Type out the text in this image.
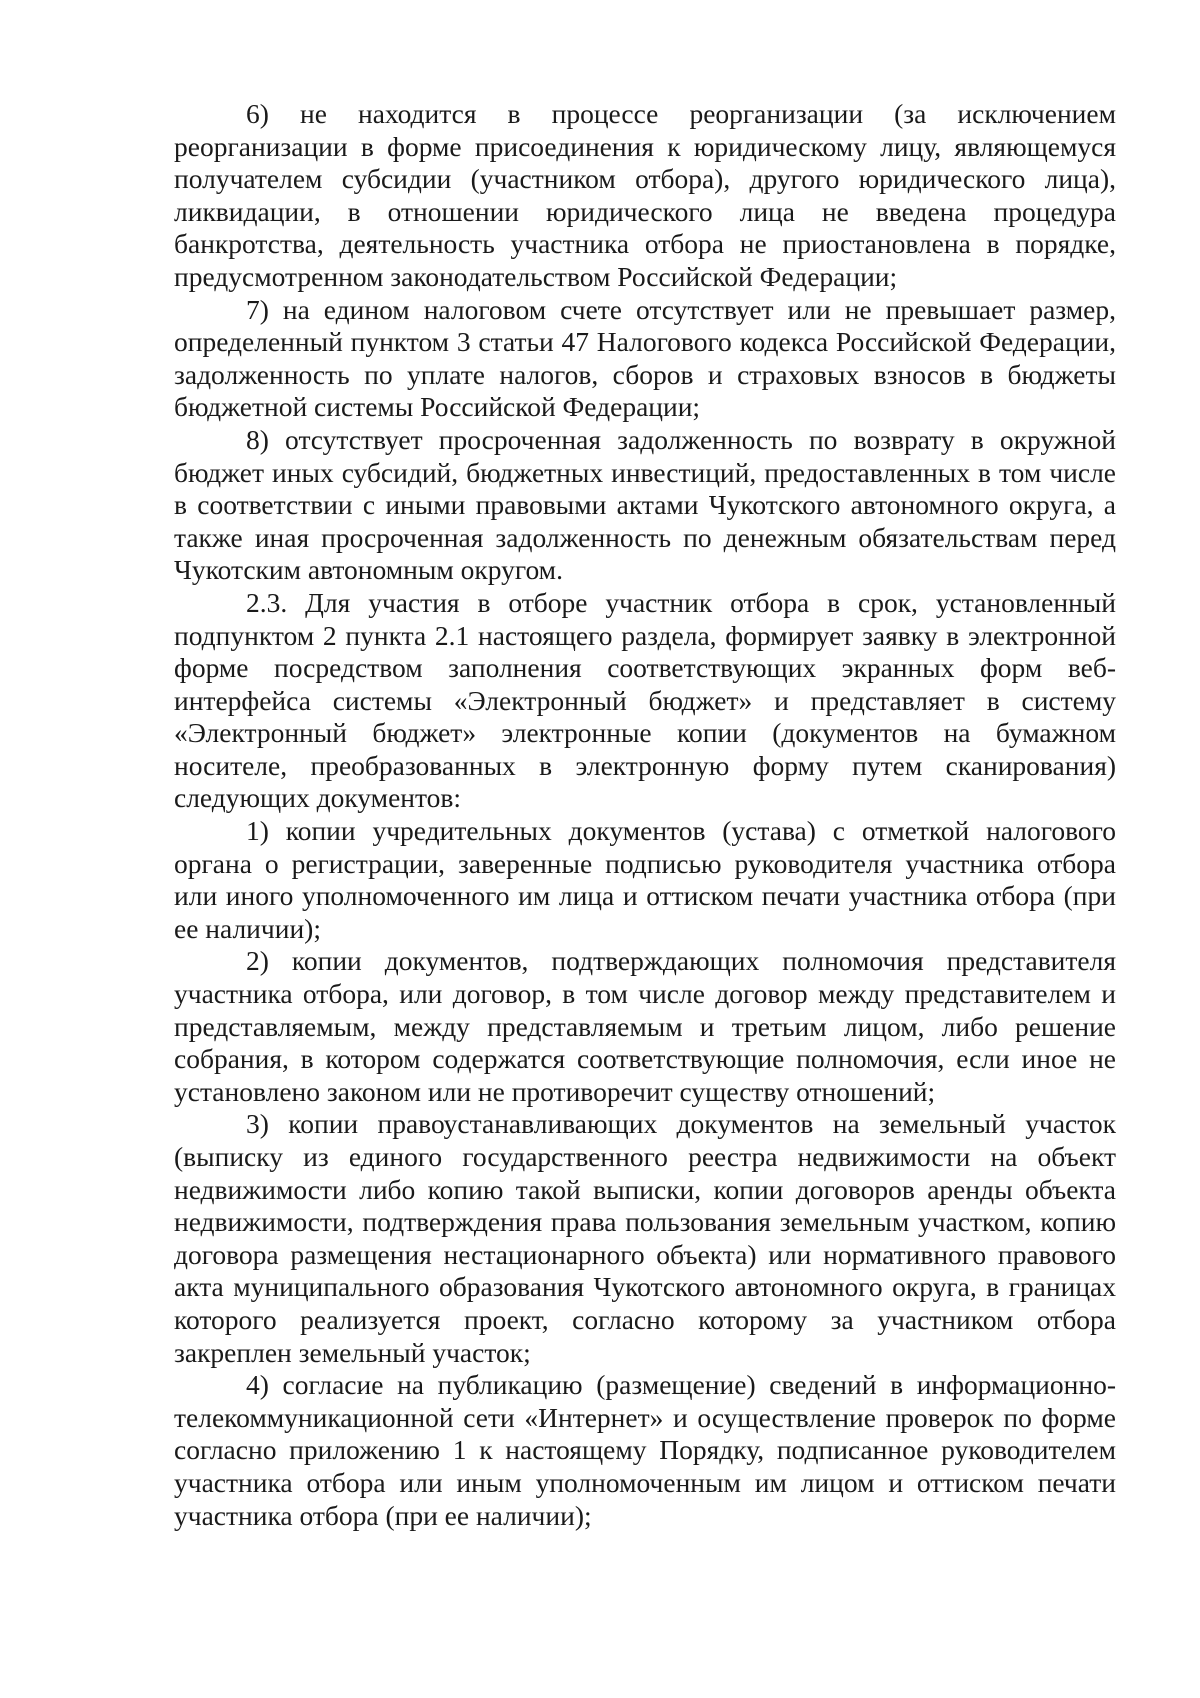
6) не находится в процессе реорганизации (за исключением реорганизации в форме присоединения к юридическому лицу, являющемуся получателем субсидии (участником отбора), другого юридического лица), ликвидации, в отношении юридического лица не введена процедура банкротства, деятельность участника отбора не приостановлена в порядке, предусмотренном законодательством Российской Федерации;

7) на едином налоговом счете отсутствует или не превышает размер, определенный пунктом 3 статьи 47 Налогового кодекса Российской Федерации, задолженность по уплате налогов, сборов и страховых взносов в бюджеты бюджетной системы Российской Федерации;

8) отсутствует просроченная задолженность по возврату в окружной бюджет иных субсидий, бюджетных инвестиций, предоставленных в том числе в соответствии с иными правовыми актами Чукотского автономного округа, а также иная просроченная задолженность по денежным обязательствам перед Чукотским автономным округом.

2.3. Для участия в отборе участник отбора в срок, установленный подпунктом 2 пункта 2.1 настоящего раздела, формирует заявку в электронной форме посредством заполнения соответствующих экранных форм веб-интерфейса системы «Электронный бюджет» и представляет в систему «Электронный бюджет» электронные копии (документов на бумажном носителе, преобразованных в электронную форму путем сканирования) следующих документов:

1) копии учредительных документов (устава) с отметкой налогового органа о регистрации, заверенные подписью руководителя участника отбора или иного уполномоченного им лица и оттиском печати участника отбора (при ее наличии);

2) копии документов, подтверждающих полномочия представителя участника отбора, или договор, в том числе договор между представителем и представляемым, между представляемым и третьим лицом, либо решение собрания, в котором содержатся соответствующие полномочия, если иное не установлено законом или не противоречит существу отношений;

3) копии правоустанавливающих документов на земельный участок (выписку из единого государственного реестра недвижимости на объект недвижимости либо копию такой выписки, копии договоров аренды объекта недвижимости, подтверждения права пользования земельным участком, копию договора размещения нестационарного объекта) или нормативного правового акта муниципального образования Чукотского автономного округа, в границах которого реализуется проект, согласно которому за участником отбора закреплен земельный участок;

4) согласие на публикацию (размещение) сведений в информационно-телекоммуникационной сети «Интернет» и осуществление проверок по форме согласно приложению 1 к настоящему Порядку, подписанное руководителем участника отбора или иным уполномоченным им лицом и оттиском печати участника отбора (при ее наличии);
